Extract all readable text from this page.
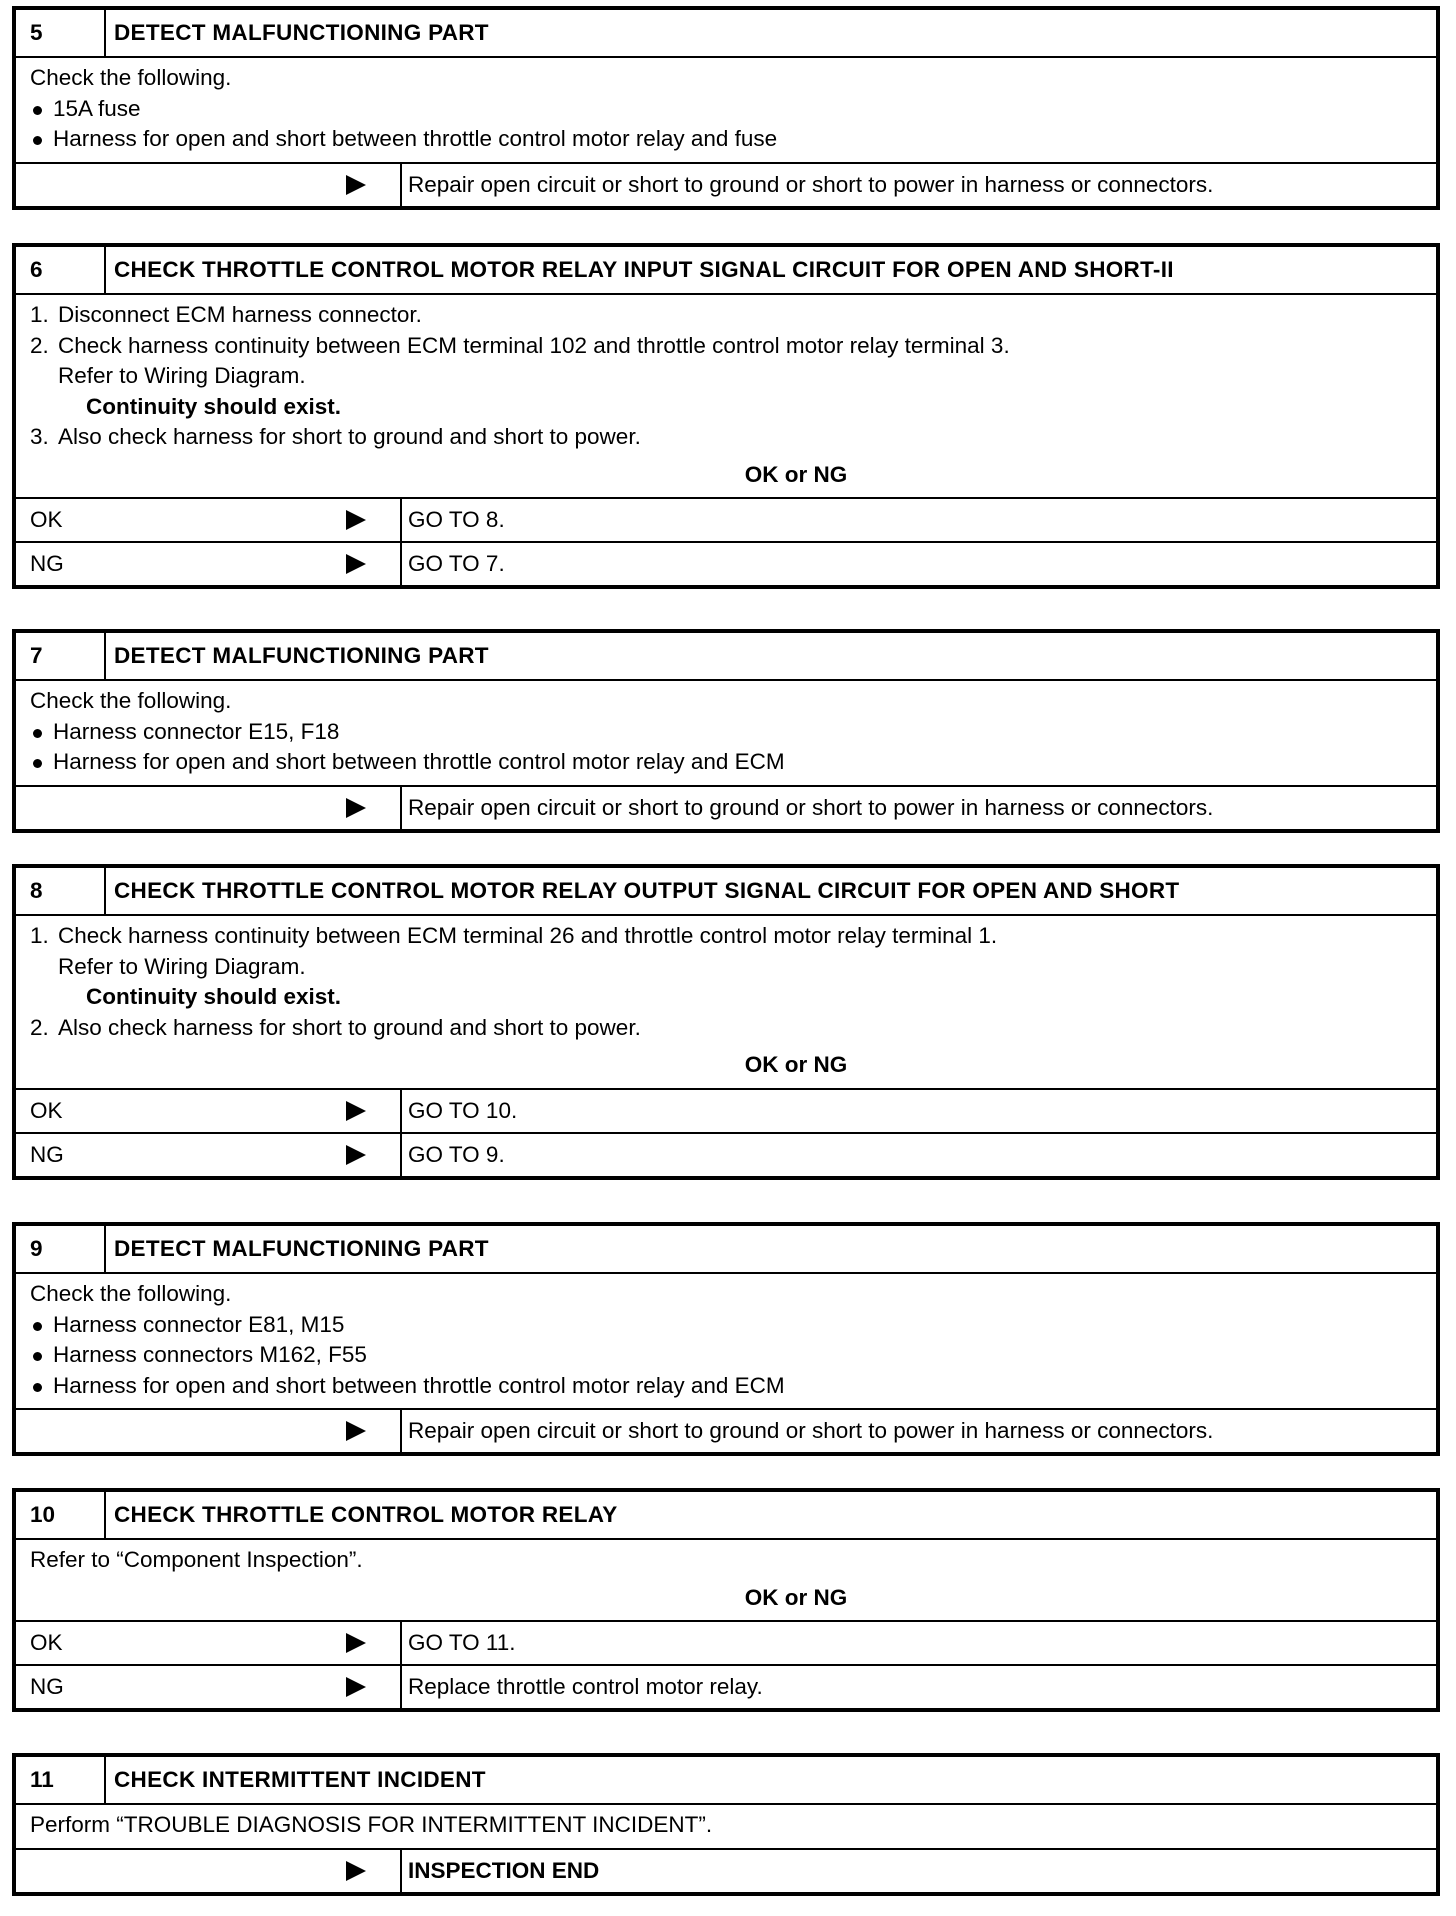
5	DETECT MALFUNCTIONING PART
Check the following.
15A fuse
Harness for open and short between throttle control motor relay and fuse
Repair open circuit or short to ground or short to power in harness or connectors.
6	CHECK THROTTLE CONTROL MOTOR RELAY INPUT SIGNAL CIRCUIT FOR OPEN AND SHORT-II
1. Disconnect ECM harness connector.
2. Check harness continuity between ECM terminal 102 and throttle control motor relay terminal 3.
Refer to Wiring Diagram.
Continuity should exist.
3. Also check harness for short to ground and short to power.
OK or NG
OK	GO TO 8.
NG	GO TO 7.
7	DETECT MALFUNCTIONING PART
Check the following.
Harness connector E15, F18
Harness for open and short between throttle control motor relay and ECM
Repair open circuit or short to ground or short to power in harness or connectors.
8	CHECK THROTTLE CONTROL MOTOR RELAY OUTPUT SIGNAL CIRCUIT FOR OPEN AND SHORT
1. Check harness continuity between ECM terminal 26 and throttle control motor relay terminal 1.
Refer to Wiring Diagram.
Continuity should exist.
2. Also check harness for short to ground and short to power.
OK or NG
OK	GO TO 10.
NG	GO TO 9.
9	DETECT MALFUNCTIONING PART
Check the following.
Harness connector E81, M15
Harness connectors M162, F55
Harness for open and short between throttle control motor relay and ECM
Repair open circuit or short to ground or short to power in harness or connectors.
10	CHECK THROTTLE CONTROL MOTOR RELAY
Refer to “Component Inspection”.
OK or NG
OK	GO TO 11.
NG	Replace throttle control motor relay.
11	CHECK INTERMITTENT INCIDENT
Perform “TROUBLE DIAGNOSIS FOR INTERMITTENT INCIDENT”.
INSPECTION END
